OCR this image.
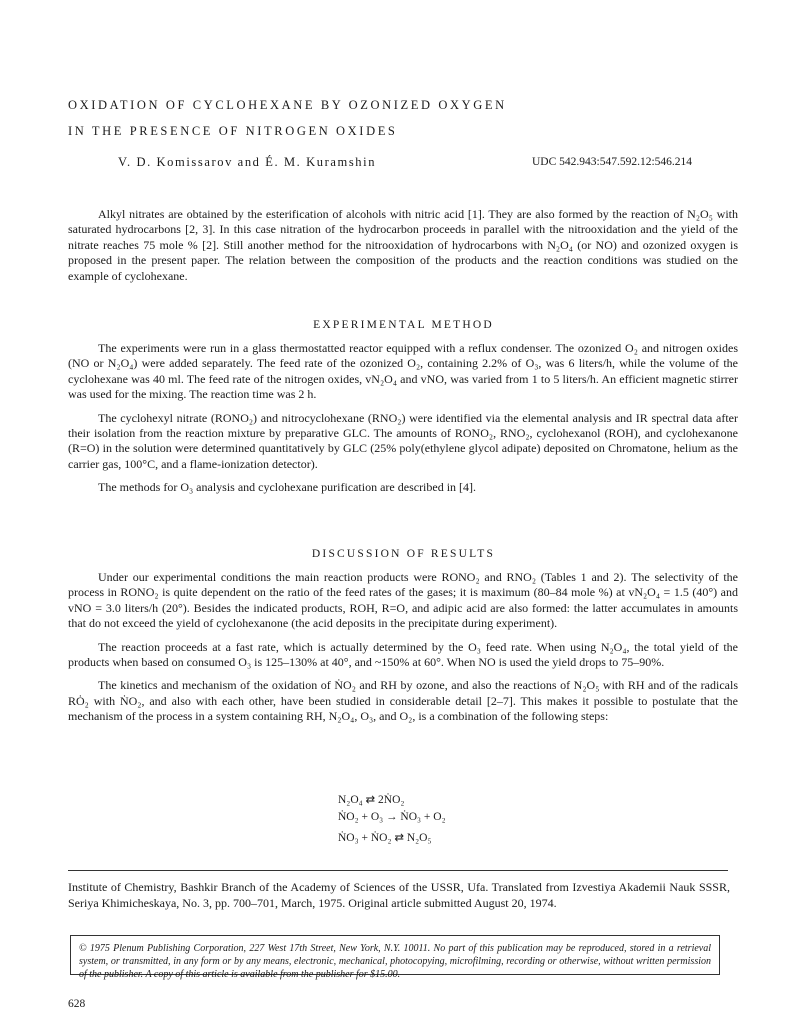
OXIDATION OF CYCLOHEXANE BY OZONIZED OXYGEN
IN THE PRESENCE OF NITROGEN OXIDES
V. D. Komissarov and É. M. Kuramshin	UDC 542.943:547.592.12:546.214

Alkyl nitrates are obtained by the esterification of alcohols with nitric acid [1]. They are also formed by the reaction of N₂O₅ with saturated hydrocarbons [2, 3]. In this case nitration of the hydrocarbon proceeds in parallel with the nitrooxidation and the yield of the nitrate reaches 75 mole % [2]. Still another method for the nitrooxidation of hydrocarbons with N₂O₄ (or NO) and ozonized oxygen is proposed in the present paper. The relation between the composition of the products and the reaction conditions was studied on the example of cyclohexane.

EXPERIMENTAL METHOD

The experiments were run in a glass thermostatted reactor equipped with a reflux condenser. The ozonized O₂ and nitrogen oxides (NO or N₂O₄) were added separately. The feed rate of the ozonized O₂, containing 2.2% of O₃, was 6 liters/h, while the volume of the cyclohexane was 40 ml. The feed rate of the nitrogen oxides, vN₂O₄ and vNO, was varied from 1 to 5 liters/h. An efficient magnetic stirrer was used for the mixing. The reaction time was 2 h.

The cyclohexyl nitrate (RONO₂) and nitrocyclohexane (RNO₂) were identified via the elemental analysis and IR spectral data after their isolation from the reaction mixture by preparative GLC. The amounts of RONO₂, RNO₂, cyclohexanol (ROH), and cyclohexanone (R=O) in the solution were determined quantitatively by GLC (25% poly(ethylene glycol adipate) deposited on Chromatone, helium as the carrier gas, 100°C, and a flame-ionization detector).

The methods for O₃ analysis and cyclohexane purification are described in [4].

DISCUSSION OF RESULTS

Under our experimental conditions the main reaction products were RONO₂ and RNO₂ (Tables 1 and 2). The selectivity of the process in RONO₂ is quite dependent on the ratio of the feed rates of the gases; it is maximum (80–84 mole %) at vN₂O₄ = 1.5 (40°) and vNO = 3.0 liters/h (20°). Besides the indicated products, ROH, R=O, and adipic acid are also formed: the latter accumulates in amounts that do not exceed the yield of cyclohexanone (the acid deposits in the precipitate during experiment).

The reaction proceeds at a fast rate, which is actually determined by the O₃ feed rate. When using N₂O₄, the total yield of the products when based on consumed O₃ is 125–130% at 40°, and ~150% at 60°. When NO is used the yield drops to 75–90%.

The kinetics and mechanism of the oxidation of ṄO₂ and RH by ozone, and also the reactions of N₂O₅ with RH and of the radicals RȮ₂ with ṄO₂, and also with each other, have been studied in considerable detail [2–7]. This makes it possible to postulate that the mechanism of the process in a system containing RH, N₂O₄, O₃, and O₂, is a combination of the following steps:

N₂O₄ ⇄ 2ṄO₂
ṄO₂ + O₃ → ṄO₃ + O₂
ṄO₃ + ṄO₂ ⇄ N₂O₅
Institute of Chemistry, Bashkir Branch of the Academy of Sciences of the USSR, Ufa. Translated from Izvestiya Akademii Nauk SSSR, Seriya Khimicheskaya, No. 3, pp. 700–701, March, 1975. Original article submitted August 20, 1974.
© 1975 Plenum Publishing Corporation, 227 West 17th Street, New York, N.Y. 10011. No part of this publication may be reproduced, stored in a retrieval system, or transmitted, in any form or by any means, electronic, mechanical, photocopying, microfilming, recording or otherwise, without written permission of the publisher. A copy of this article is available from the publisher for $15.00.
628
